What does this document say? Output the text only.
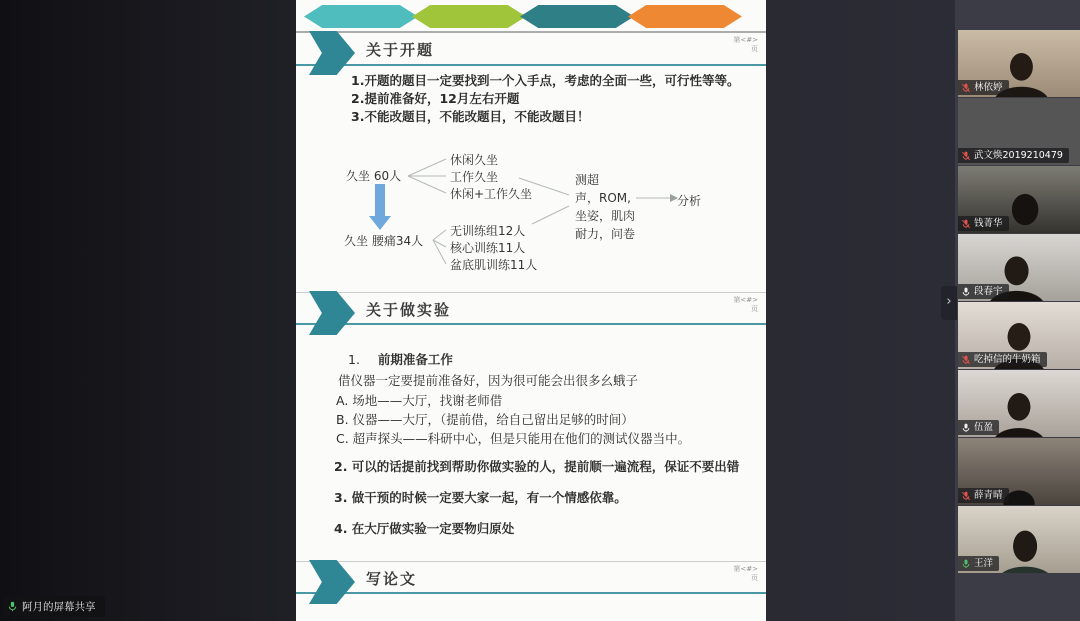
关于开题
第<#>
页
1.开题的题目一定要找到一个入手点，考虑的全面一些，可行性等等。
2.提前准备好，12月左右开题
3.不能改题目，不能改题目，不能改题目！
久坐 60人
休闲久坐
工作久坐
休闲+工作久坐
久坐 腰痛34人
无训练组12人
核心训练11人
盆底肌训练11人
测超
声，ROM,
坐姿，肌肉
耐力，问卷
分析
关于做实验
第<#>
页
1. 前期准备工作
借仪器一定要提前准备好，因为很可能会出很多幺蛾子
A. 场地——大厅，找谢老师借
B. 仪器——大厅，（提前借，给自己留出足够的时间）
C. 超声探头——科研中心，但是只能用在他们的测试仪器当中。
2. 可以的话提前找到帮助你做实验的人，提前顺一遍流程，保证不要出错
3. 做干预的时候一定要大家一起，有一个情感依靠。
4. 在大厅做实验一定要物归原处
写论文
第<#>
页
林依婷
武文焕2019210479
钱菁华
段春宇
吃掉信的牛奶箱
伍盈
薛青晴
王洋
›
阿月的屏幕共享
